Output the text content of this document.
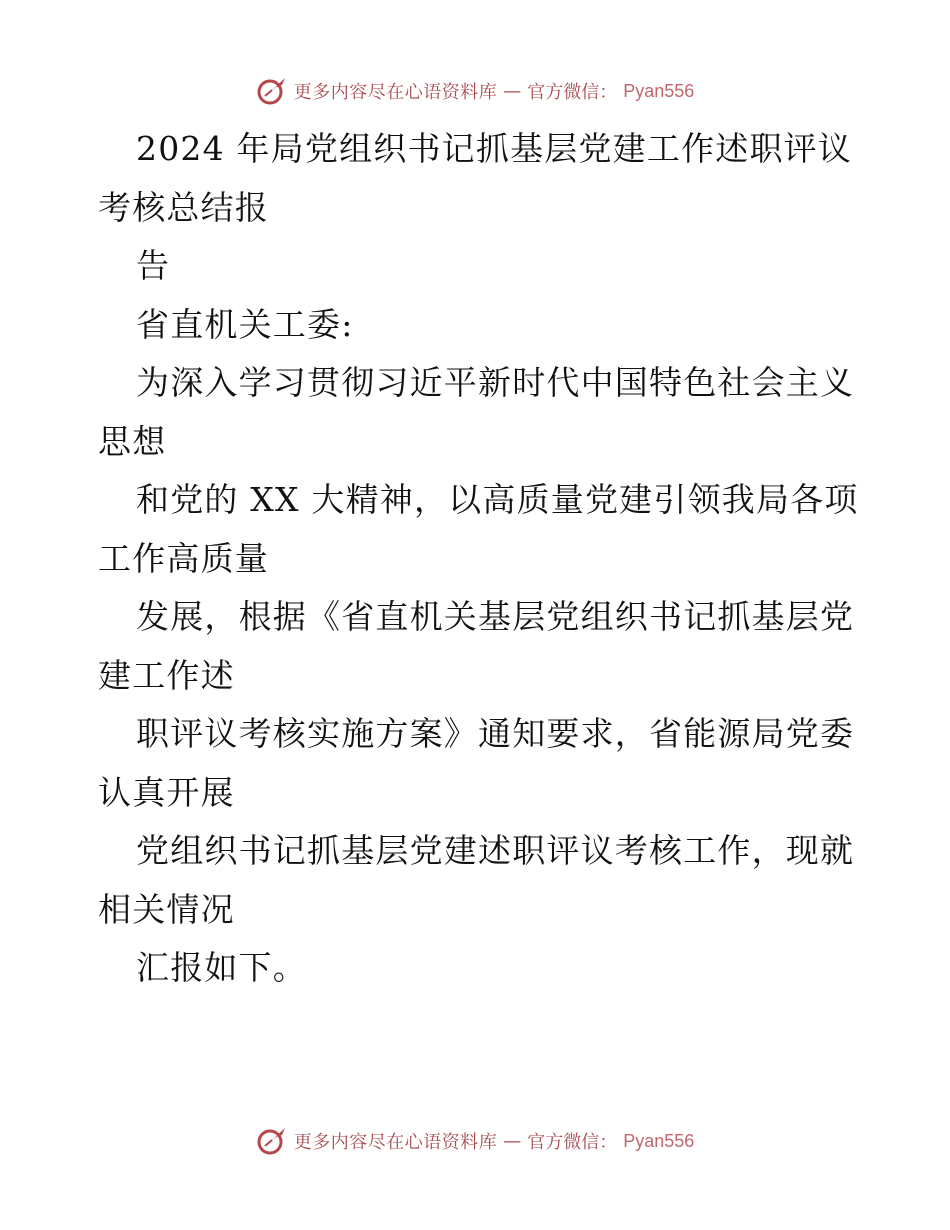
更多内容尽在心语资料库 — 官方微信： Pyan556
2024 年局党组织书记抓基层党建工作述职评议
考核总结报
告
省直机关工委:
为深入学习贯彻习近平新时代中国特色社会主义
思想
和党的 XX 大精神，以高质量党建引领我局各项
工作高质量
发展，根据《省直机关基层党组织书记抓基层党
建工作述
职评议考核实施方案》通知要求，省能源局党委
认真开展
党组织书记抓基层党建述职评议考核工作，现就
相关情况
汇报如下。
更多内容尽在心语资料库 — 官方微信： Pyan556
